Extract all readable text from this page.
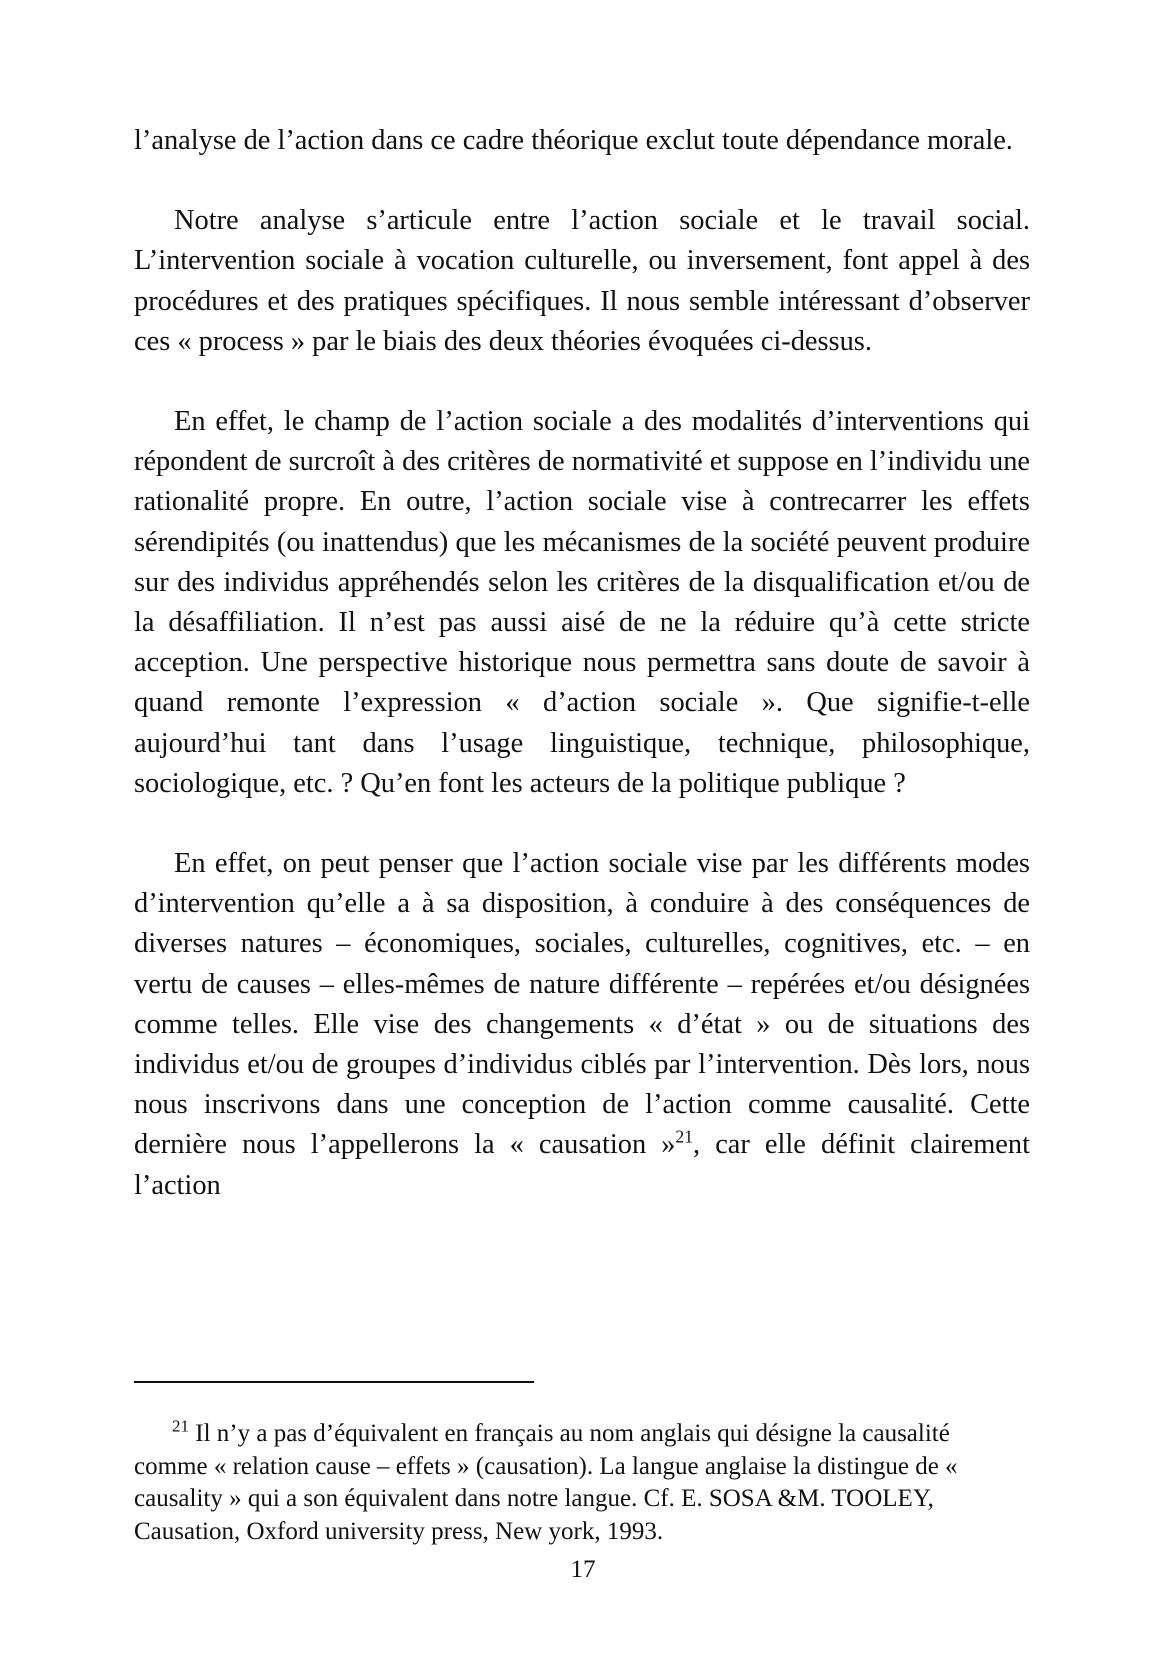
l’analyse de l’action dans ce cadre théorique exclut toute dépendance morale.

Notre analyse s’articule entre l’action sociale et le travail social. L’intervention sociale à vocation culturelle, ou inversement, font appel à des procédures et des pratiques spécifiques. Il nous semble intéressant d’observer ces « process » par le biais des deux théories évoquées ci-dessus.

En effet, le champ de l’action sociale a des modalités d’interventions qui répondent de surcroît à des critères de normativité et suppose en l’individu une rationalité propre. En outre, l’action sociale vise à contrecarrer les effets sérendipités (ou inattendus) que les mécanismes de la société peuvent produire sur des individus appréhendés selon les critères de la disqualification et/ou de la désaffiliation. Il n’est pas aussi aisé de ne la réduire qu’à cette stricte acception. Une perspective historique nous permettra sans doute de savoir à quand remonte l’expression « d’action sociale ». Que signifie-t-elle aujourd’hui tant dans l’usage linguistique, technique, philosophique, sociologique, etc. ? Qu’en font les acteurs de la politique publique ?

En effet, on peut penser que l’action sociale vise par les différents modes d’intervention qu’elle a à sa disposition, à conduire à des conséquences de diverses natures – économiques, sociales, culturelles, cognitives, etc. – en vertu de causes – elles-mêmes de nature différente – repérées et/ou désignées comme telles. Elle vise des changements « d’état » ou de situations des individus et/ou de groupes d’individus ciblés par l’intervention. Dès lors, nous nous inscrivons dans une conception de l’action comme causalité. Cette dernière nous l’appellerons la « causation »$^{21}$, car elle définit clairement l’action

$^{21}$ Il n’y a pas d’équivalent en français au nom anglais qui désigne la causalité comme « relation cause – effets » (causation). La langue anglaise la distingue de « causality » qui a son équivalent dans notre langue. Cf. E. SOSA &M. TOOLEY, Causation, Oxford university press, New york, 1993.

17
